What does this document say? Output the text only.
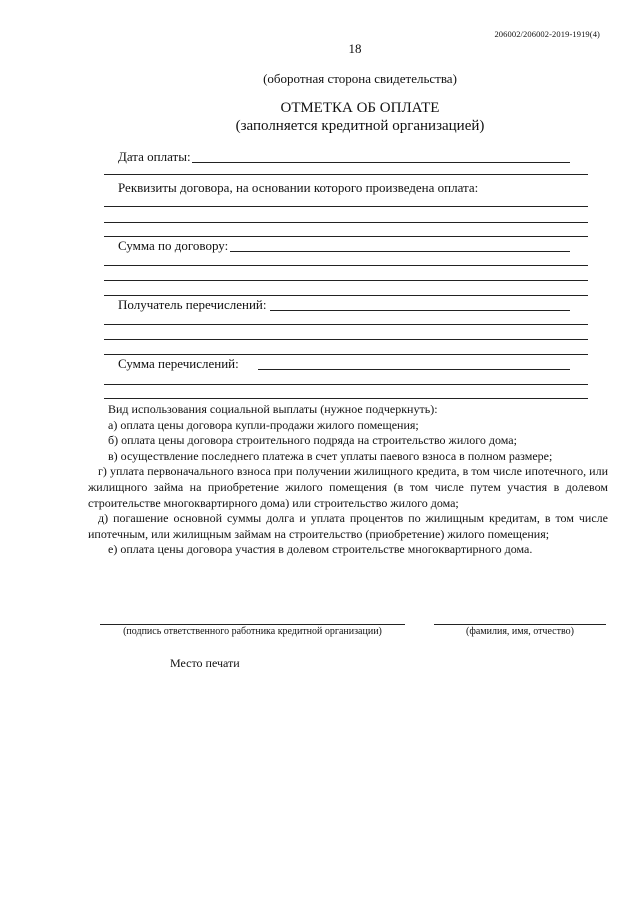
206002/206002-2019-1919(4)
18
(оборотная сторона свидетельства)
ОТМЕТКА ОБ ОПЛАТЕ
(заполняется кредитной организацией)
Дата оплаты:
Реквизиты договора, на основании которого произведена оплата:
Сумма по договору:
Получатель перечислений:
Сумма перечислений:

Вид использования социальной выплаты (нужное подчеркнуть):

а) оплата цены договора купли-продажи жилого помещения;

б) оплата цены договора строительного подряда на строительство жилого дома;

в) осуществление последнего платежа в счет уплаты паевого взноса в полном размере;

г) уплата первоначального взноса при получении жилищного кредита, в том числе ипотечного, или жилищного займа на приобретение жилого помещения (в том числе путем участия в долевом строительстве многоквартирного дома) или строительство жилого дома;

д) погашение основной суммы долга и уплата процентов по жилищным кредитам, в том числе ипотечным, или жилищным займам на строительство (приобретение) жилого помещения;

е) оплата цены договора участия в долевом строительстве многоквартирного дома.

(подпись ответственного работника кредитной организации)	(фамилия, имя, отчество)
Место печати
